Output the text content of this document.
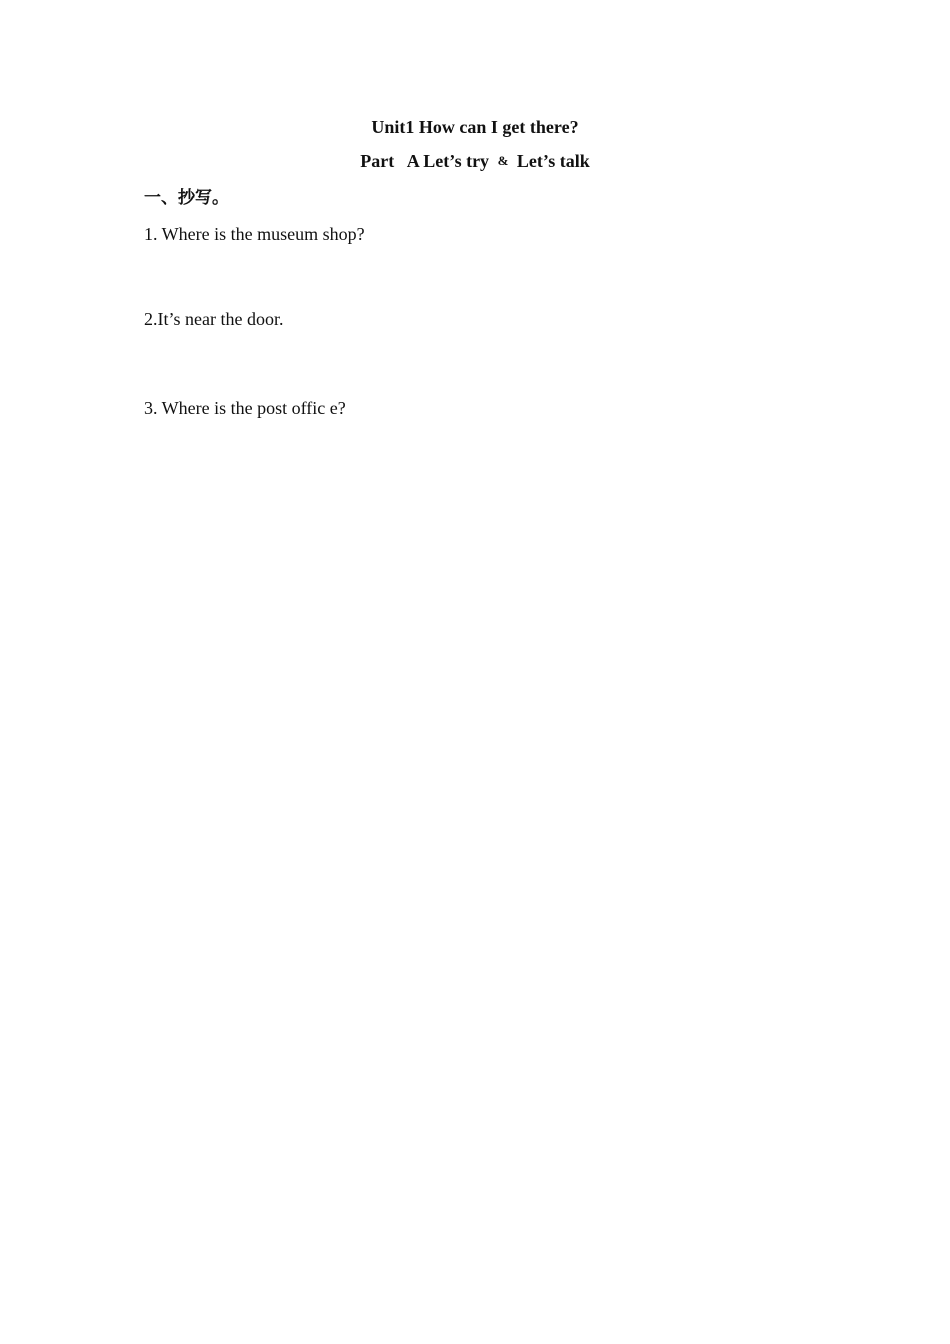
Unit1 How can I get there?
Part A Let’s try & Let’s talk

一、抄写。

1. Where is the museum shop?

2.It’s near the door.

3. Where is the post offic e?
